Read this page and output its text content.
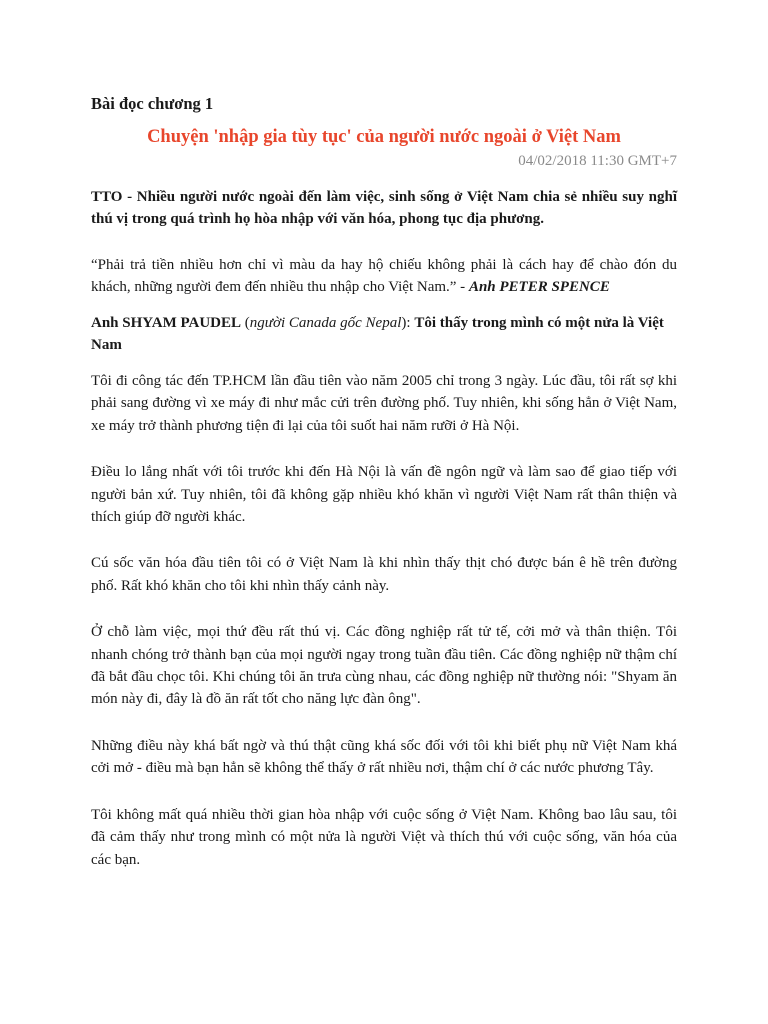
Bài đọc chương 1
Chuyện 'nhập gia tùy tục' của người nước ngoài ở Việt Nam
04/02/2018 11:30 GMT+7

TTO - Nhiều người nước ngoài đến làm việc, sinh sống ở Việt Nam chia sẻ nhiều suy nghĩ thú vị trong quá trình họ hòa nhập với văn hóa, phong tục địa phương.

“Phải trả tiền nhiều hơn chỉ vì màu da hay hộ chiếu không phải là cách hay để chào đón du khách, những người đem đến nhiều thu nhập cho Việt Nam.” - Anh PETER SPENCE

Anh SHYAM PAUDEL (người Canada gốc Nepal): Tôi thấy trong mình có một nửa là Việt Nam

Tôi đi công tác đến TP.HCM lần đầu tiên vào năm 2005 chỉ trong 3 ngày. Lúc đầu, tôi rất sợ khi phải sang đường vì xe máy đi như mắc cửi trên đường phố. Tuy nhiên, khi sống hẳn ở Việt Nam, xe máy trở thành phương tiện đi lại của tôi suốt hai năm rưỡi ở Hà Nội.

Điều lo lắng nhất với tôi trước khi đến Hà Nội là vấn đề ngôn ngữ và làm sao để giao tiếp với người bản xứ. Tuy nhiên, tôi đã không gặp nhiều khó khăn vì người Việt Nam rất thân thiện và thích giúp đỡ người khác.

Cú sốc văn hóa đầu tiên tôi có ở Việt Nam là khi nhìn thấy thịt chó được bán ê hề trên đường phố. Rất khó khăn cho tôi khi nhìn thấy cảnh này.

Ở chỗ làm việc, mọi thứ đều rất thú vị. Các đồng nghiệp rất tử tế, cởi mở và thân thiện. Tôi nhanh chóng trở thành bạn của mọi người ngay trong tuần đầu tiên. Các đồng nghiệp nữ thậm chí đã bắt đầu chọc tôi. Khi chúng tôi ăn trưa cùng nhau, các đồng nghiệp nữ thường nói: "Shyam ăn món này đi, đây là đồ ăn rất tốt cho năng lực đàn ông".

Những điều này khá bất ngờ và thú thật cũng khá sốc đối với tôi khi biết phụ nữ Việt Nam khá cởi mở - điều mà bạn hẳn sẽ không thể thấy ở rất nhiều nơi, thậm chí ở các nước phương Tây.

Tôi không mất quá nhiều thời gian hòa nhập với cuộc sống ở Việt Nam. Không bao lâu sau, tôi đã cảm thấy như trong mình có một nửa là người Việt và thích thú với cuộc sống, văn hóa của các bạn.
